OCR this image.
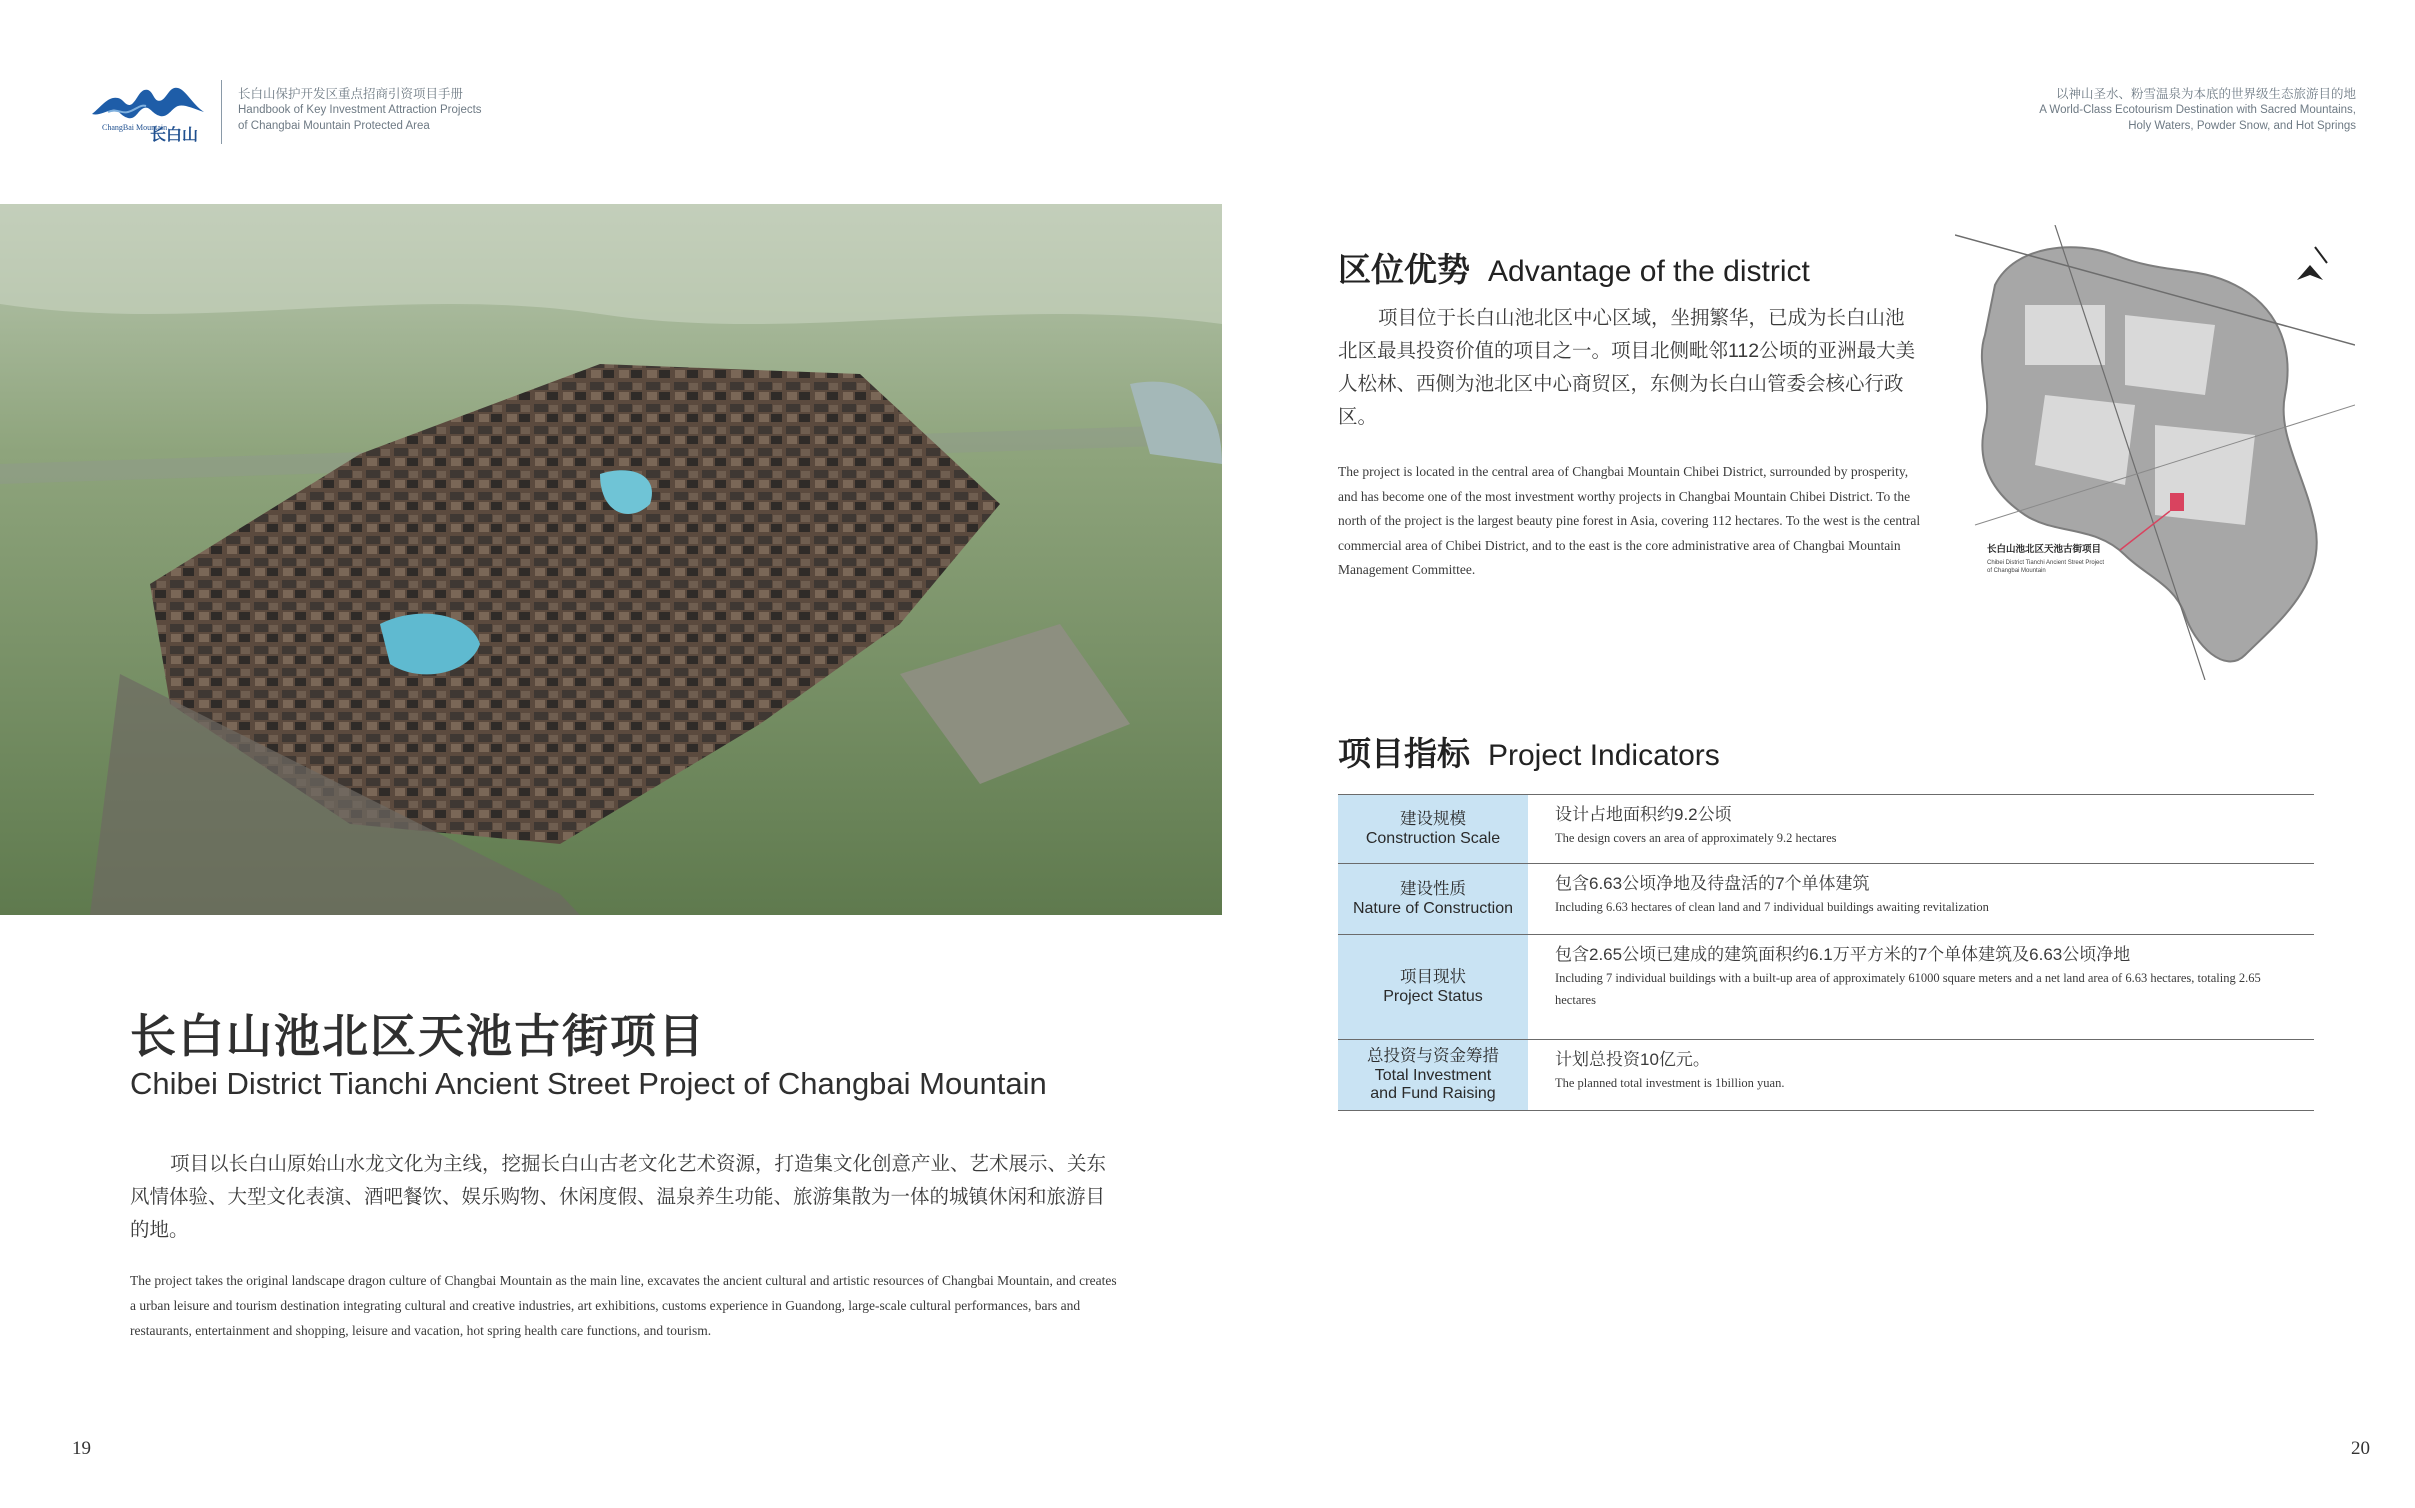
ChangBai Mountain
长白山
长白山保护开发区重点招商引资项目手册
Handbook of Key Investment Attraction Projects
of Changbai Mountain Protected Area
以神山圣水、粉雪温泉为本底的世界级生态旅游目的地
A World-Class Ecotourism Destination with Sacred Mountains,
Holy Waters, Powder Snow, and Hot Springs
长白山池北区天池古街项目
Chibei District Tianchi Ancient Street Project of Changbai Mountain

项目以长白山原始山水龙文化为主线，挖掘长白山古老文化艺术资源，打造集文化创意产业、艺术展示、关东风情体验、大型文化表演、酒吧餐饮、娱乐购物、休闲度假、温泉养生功能、旅游集散为一体的城镇休闲和旅游目的地。

The project takes the original landscape dragon culture of Changbai Mountain as the main line, excavates the ancient cultural and artistic resources of Changbai Mountain, and creates a urban leisure and tourism destination integrating cultural and creative industries, art exhibitions, customs experience in Guandong, large-scale cultural performances, bars and restaurants, entertainment and shopping, leisure and vacation, hot spring health care functions, and tourism.

区位优势 Advantage of the district

项目位于长白山池北区中心区域，坐拥繁华，已成为长白山池北区最具投资价值的项目之一。项目北侧毗邻112公顷的亚洲最大美人松林、西侧为池北区中心商贸区，东侧为长白山管委会核心行政区。

The project is located in the central area of Changbai Mountain Chibei District, surrounded by prosperity, and has become one of the most investment worthy projects in Changbai Mountain Chibei District. To the north of the project is the largest beauty pine forest in Asia, covering 112 hectares. To the west is the central commercial area of Chibei District, and to the east is the core administrative area of Changbai Mountain Management Committee.

长白山池北区天池古街项目
Chibei District Tianchi Ancient Street Project
of Changbai Mountain
项目指标 Project Indicators
建设规模
Construction Scale
设计占地面积约9.2公顷
The design covers an area of approximately 9.2 hectares
建设性质
Nature of Construction
包含6.63公顷净地及待盘活的7个单体建筑
Including 6.63 hectares of clean land and 7 individual buildings awaiting revitalization
项目现状
Project Status
包含2.65公顷已建成的建筑面积约6.1万平方米的7个单体建筑及6.63公顷净地
Including 7 individual buildings with a built-up area of approximately 61000 square meters and a net land area of 6.63 hectares, totaling 2.65 hectares
总投资与资金筹措
Total Investment and Fund Raising
计划总投资10亿元。
The planned total investment is 1billion yuan.
19	20
